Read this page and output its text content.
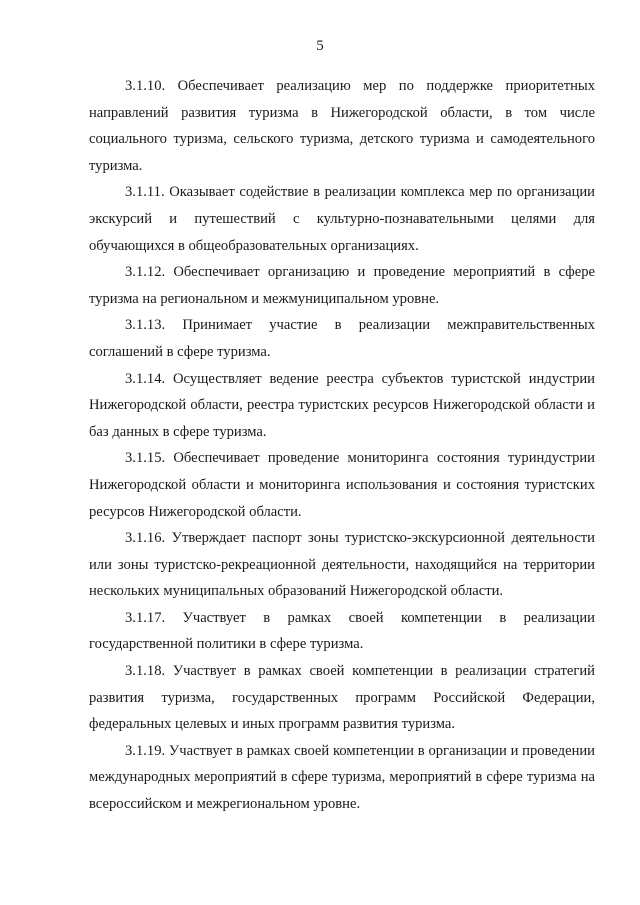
5

3.1.10. Обеспечивает реализацию мер по поддержке приоритетных направлений развития туризма в Нижегородской области, в том числе социального туризма, сельского туризма, детского туризма и самодеятельного туризма.

3.1.11. Оказывает содействие в реализации комплекса мер по организации экскурсий и путешествий с культурно-познавательными целями для обучающихся в общеобразовательных организациях.

3.1.12. Обеспечивает организацию и проведение мероприятий в сфере туризма на региональном и межмуниципальном уровне.

3.1.13. Принимает участие в реализации межправительственных соглашений в сфере туризма.

3.1.14. Осуществляет ведение реестра субъектов туристской индустрии Нижегородской области, реестра туристских ресурсов Нижегородской области и баз данных в сфере туризма.

3.1.15. Обеспечивает проведение мониторинга состояния туриндустрии Нижегородской области и мониторинга использования и состояния туристских ресурсов Нижегородской области.

3.1.16. Утверждает паспорт зоны туристско-экскурсионной деятельности или зоны туристско-рекреационной деятельности, находящийся на территории нескольких муниципальных образований Нижегородской области.

3.1.17. Участвует в рамках своей компетенции в реализации государственной политики в сфере туризма.

3.1.18. Участвует в рамках своей компетенции в реализации стратегий развития туризма, государственных программ Российской Федерации, федеральных целевых и иных программ развития туризма.

3.1.19. Участвует в рамках своей компетенции в организации и проведении международных мероприятий в сфере туризма, мероприятий в сфере туризма на всероссийском и межрегиональном уровне.
